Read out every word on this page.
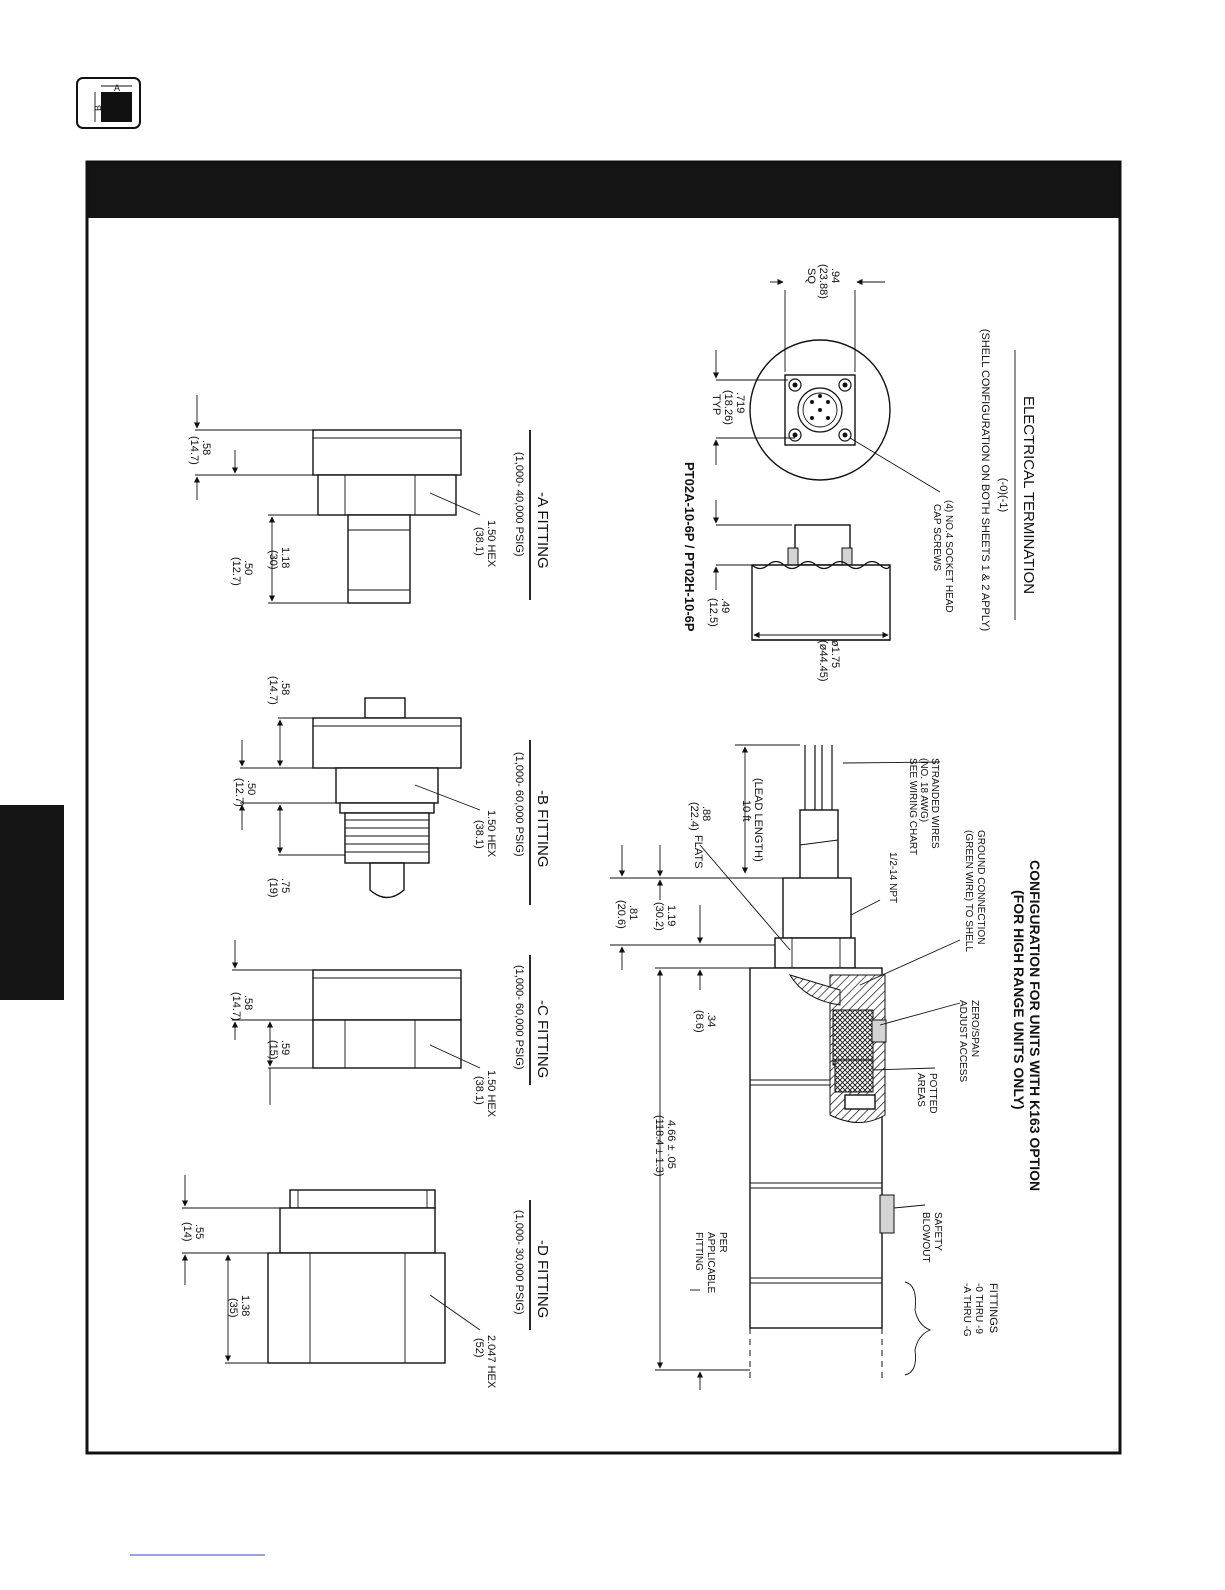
A
B
ELECTRICAL TERMINATION
(-0)(-1)
(SHELL CONFIGURATION ON BOTH SHEETS 1 & 2 APPLY)
.94
(23.88)
SQ
.719
(18.26)
TYP
(4) NO.4 SOCKET HEAD
CAP SCREWS
PT02A-10-6P / PT02H-10-6P .49
(12.5)
ø1.75
(ø44.45)
CONFIGURATION FOR UNITS WITH K163 OPTION
(FOR HIGH RANGE UNITS ONLY)
STRANDED WIRES
(NO. 18 AWG)
SEE WIRING CHART
GROUND CONNECTION
(GREEN WIRE) TO SHELL
1/2-14 NPT
ZERO/SPAN
ADJUST ACCESS
POTTED
AREAS
SAFETY
BLOWOUT
FITTINGS
-0 THRU -9
-A THRU -G
PER
APPLICABLE
FITTING
.88
(22.4)
FLATS	(LEAD LENGTH)
10 ft
1.19
(30.2)
.81
(20.6)
.34
(8.6)
4.66 ± .05
(118.4 ± 1.3)
-A FITTING
(1,000- 40,000 PSIG)
1.50 HEX
(38.1)
.58
(14.7)
1.18
(30)
.50
(12.7)
-B FITTING
(1,000- 60,000 PSIG)
1.50 HEX
(38.1)
.58
(14.7)
.50
(12.7)
.75
(19)
-C FITTING
(1,000- 60,000 PSIG)
1.50 HEX
(38.1)
.58
(14.7)
.59
(15)
-D FITTING
(1,000- 30,000 PSIG)
2.047 HEX
(52)
.55
(14)
1.38
(35)
